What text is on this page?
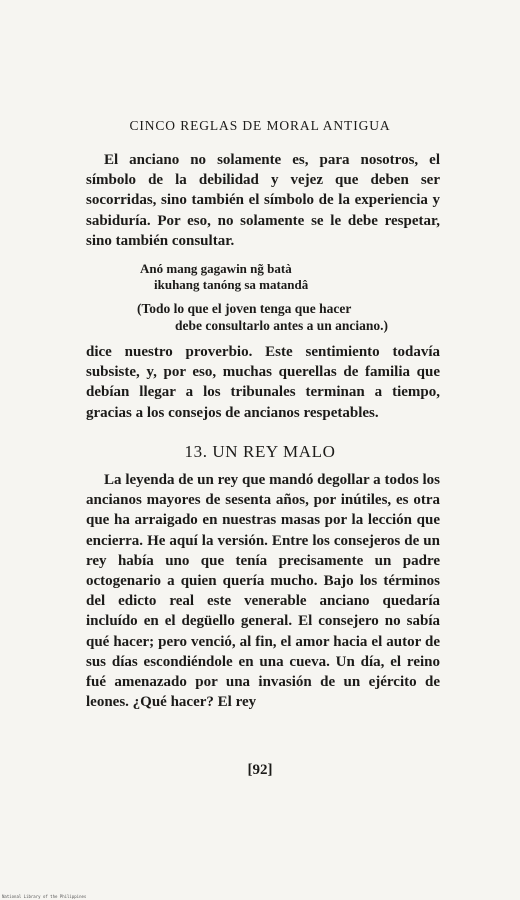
CINCO REGLAS DE MORAL ANTIGUA

El anciano no solamente es, para nosotros, el símbolo de la debilidad y vejez que deben ser socorridas, sino también el símbolo de la experiencia y sabiduría. Por eso, no solamente se le debe respetar, sino también consultar.

Anó mang gagawin ng̃ batà
ikuhang tanóng sa matandâ
(Todo lo que el joven tenga que hacer
debe consultarlo antes a un anciano.)

dice nuestro proverbio. Este sentimiento todavía subsiste, y, por eso, muchas querellas de familia que debían llegar a los tribunales terminan a tiempo, gracias a los consejos de ancianos respetables.

13. UN REY MALO

La leyenda de un rey que mandó degollar a todos los ancianos mayores de sesenta años, por inútiles, es otra que ha arraigado en nuestras masas por la lección que encierra. He aquí la versión. Entre los consejeros de un rey había uno que tenía precisamente un padre octogenario a quien quería mucho. Bajo los términos del edicto real este venerable anciano quedaría incluído en el degüello general. El consejero no sabía qué hacer; pero venció, al fin, el amor hacia el autor de sus días escondiéndole en una cueva. Un día, el reino fué amenazado por una invasión de un ejército de leones. ¿Qué hacer? El rey

[92]
National Library of the Philippines
